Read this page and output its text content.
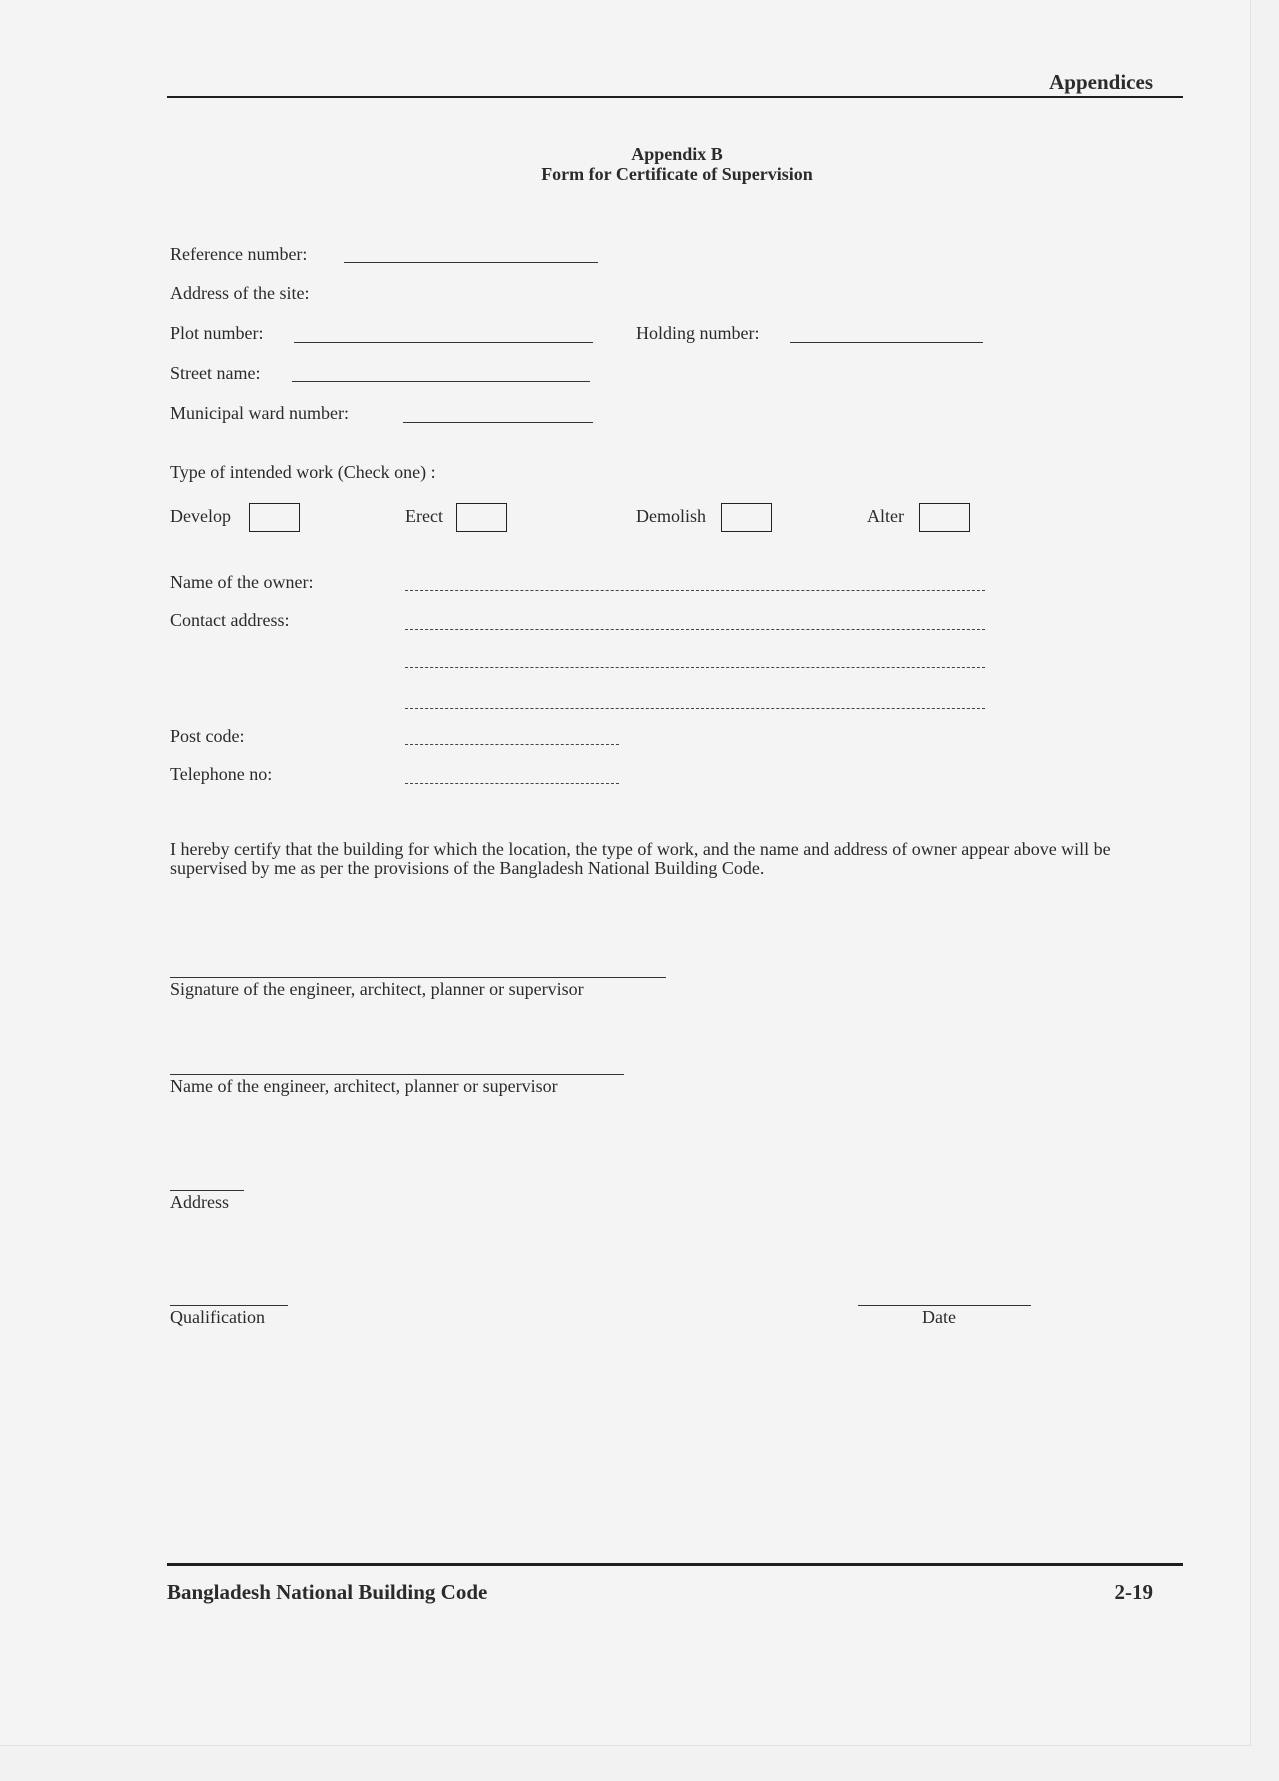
Appendices
Appendix B
Form for Certificate of Supervision
Reference number:
Address of the site:
Plot number:	Holding number:
Street name:
Municipal ward number:
Type of intended work (Check one) :
Develop	Erect	Demolish	Alter
Name of the owner:
Contact address:
Post code:
Telephone no:
I hereby certify that the building for which the location, the type of work, and the name and address of owner appear above will be supervised by me as per the provisions of the Bangladesh National Building Code.
Signature of the engineer, architect, planner or supervisor
Name of the engineer, architect, planner or supervisor
Address
Qualification	Date
Bangladesh National Building Code	2-19
